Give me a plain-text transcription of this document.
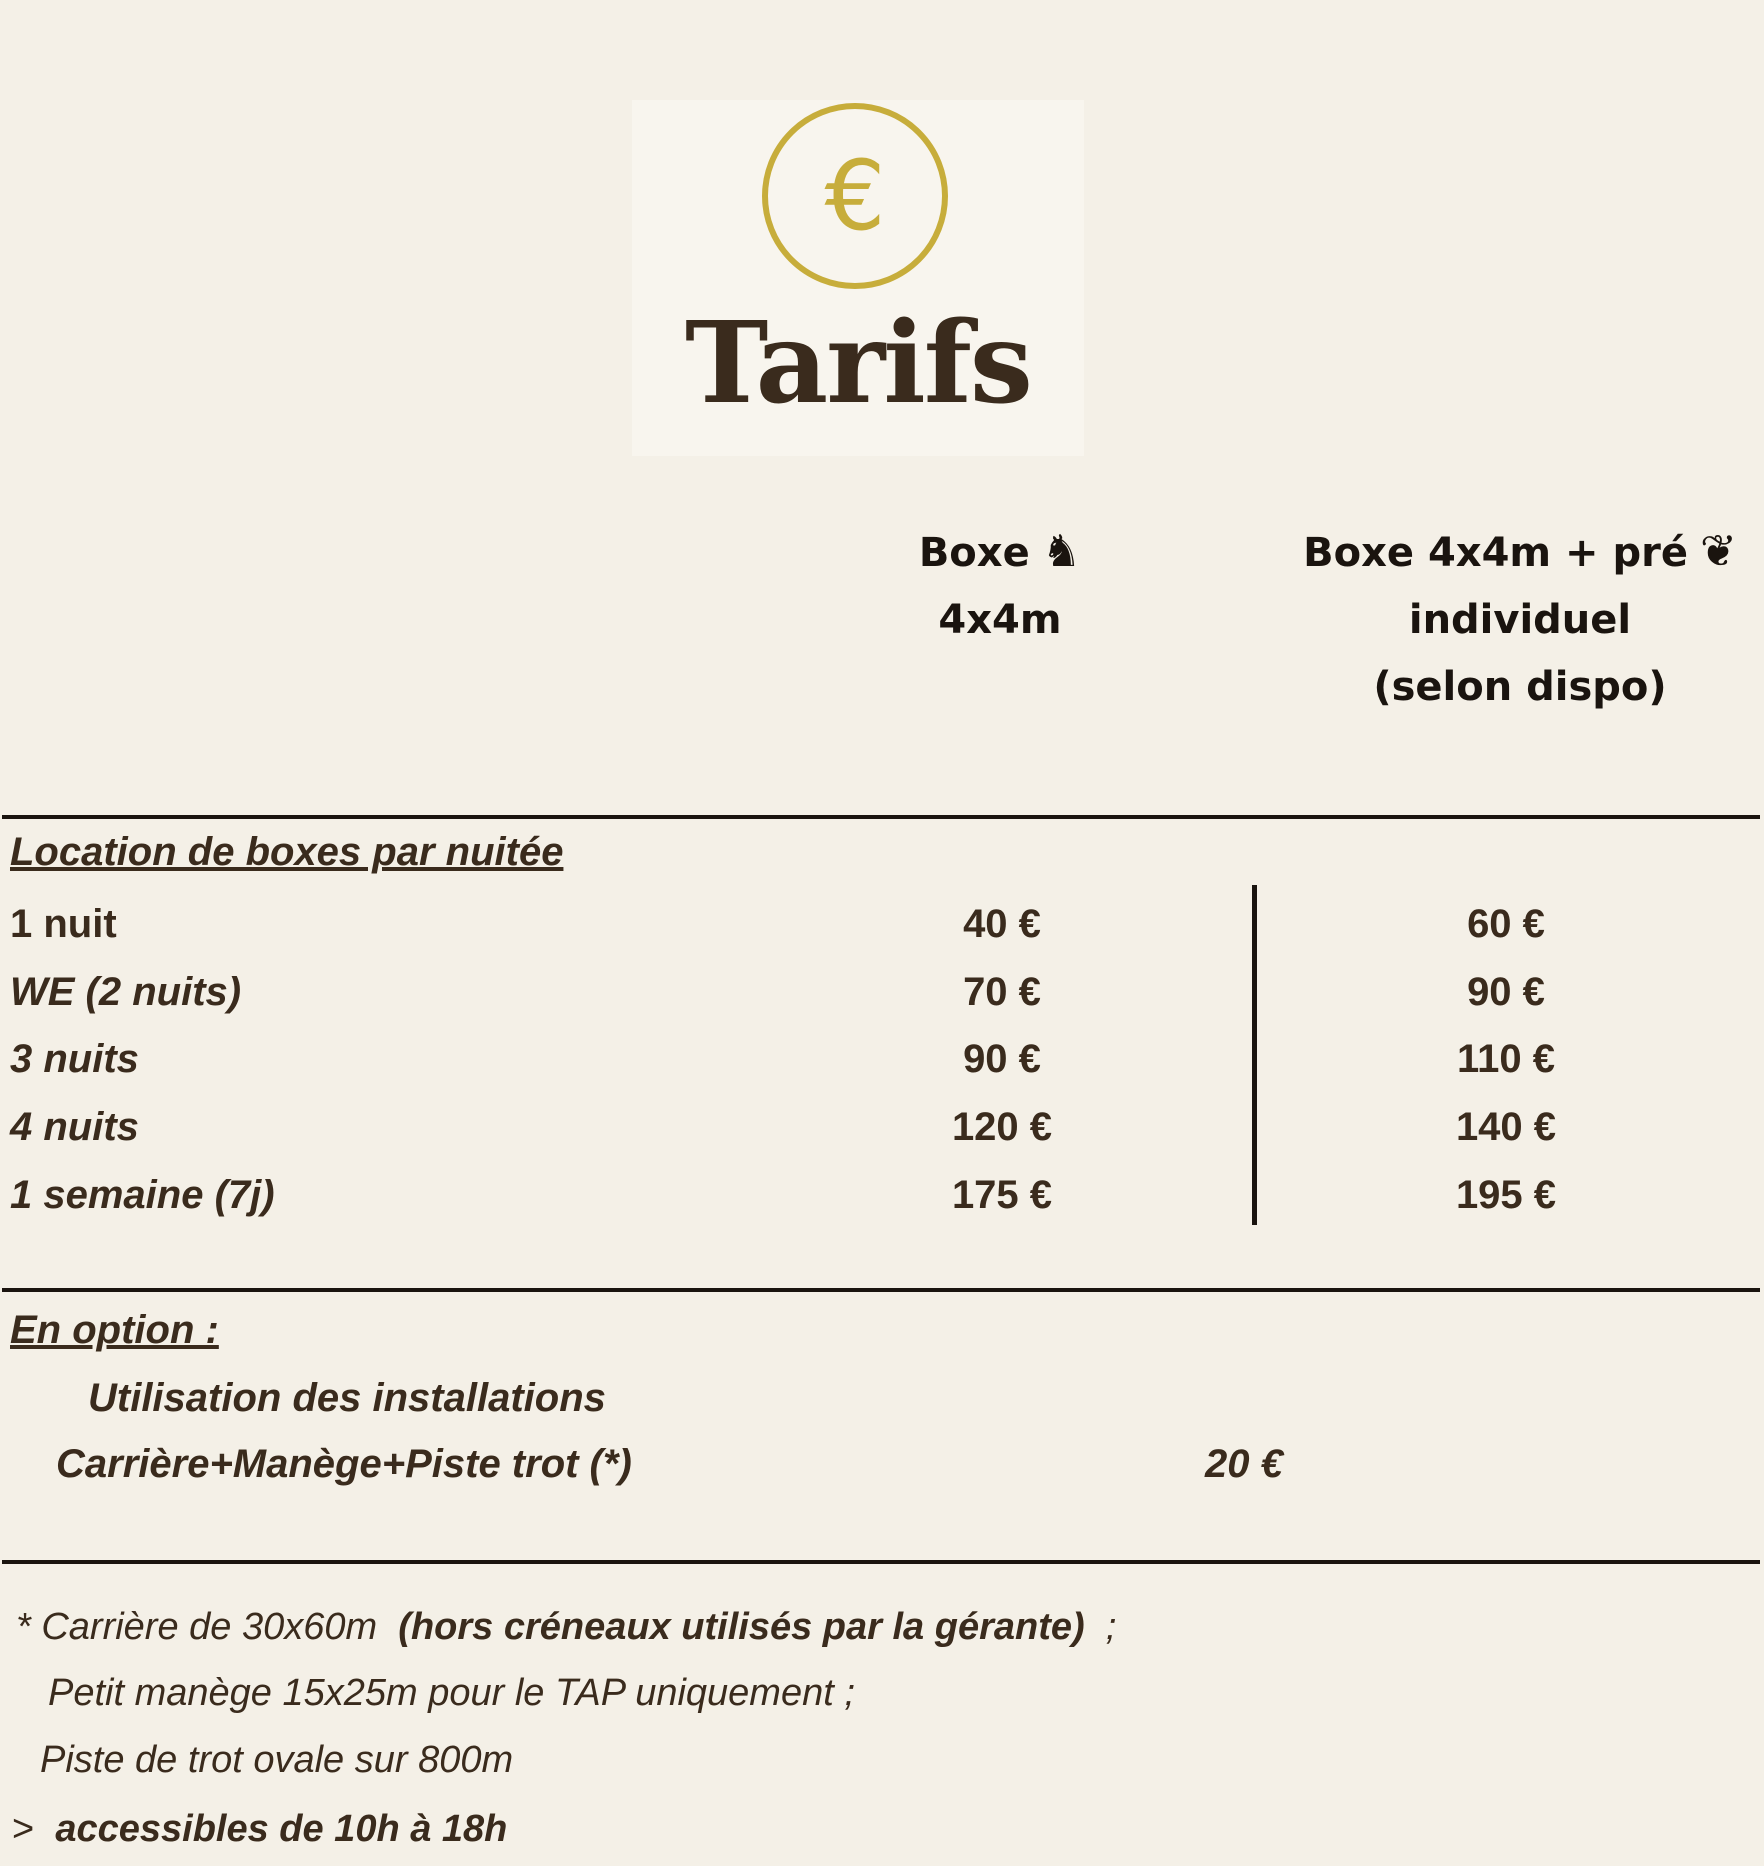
€
Tarifs
Boxe ♞
4x4m
Boxe 4x4m + pré ❦
individuel
(selon dispo)
Location de boxes par nuitée
1 nuit	40 €	60 €
WE (2 nuits)	70 €	90 €
3 nuits	90 €	110 €
4 nuits	120 €	140 €
1 semaine (7j)	175 €	195 €
En option :
Utilisation des installations
Carrière+Manège+Piste trot (*)	20 €
* Carrière de 30x60m (hors créneaux utilisés par la gérante) ;
Petit manège 15x25m pour le TAP uniquement ;
Piste de trot ovale sur 800m
> accessibles de 10h à 18h
